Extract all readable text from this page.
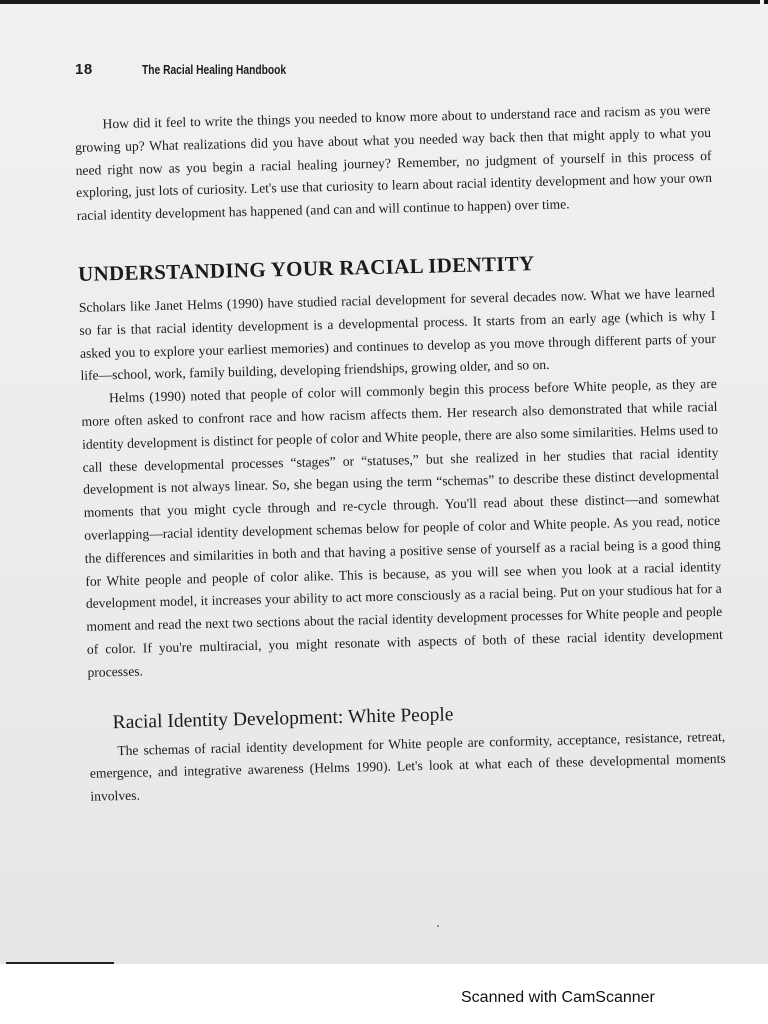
18	The Racial Healing Handbook

How did it feel to write the things you needed to know more about to understand race and racism as you were growing up? What realizations did you have about what you needed way back then that might apply to what you need right now as you begin a racial healing journey? Remember, no judgment of yourself in this process of exploring, just lots of curiosity. Let's use that curiosity to learn about racial identity development and how your own racial identity development has happened (and can and will continue to happen) over time.

UNDERSTANDING YOUR RACIAL IDENTITY

Scholars like Janet Helms (1990) have studied racial development for several decades now. What we have learned so far is that racial identity development is a developmental process. It starts from an early age (which is why I asked you to explore your earliest memories) and continues to develop as you move through different parts of your life—school, work, family building, developing friendships, growing older, and so on.

Helms (1990) noted that people of color will commonly begin this process before White people, as they are more often asked to confront race and how racism affects them. Her research also demonstrated that while racial identity development is distinct for people of color and White people, there are also some similarities. Helms used to call these developmental processes “stages” or “statuses,” but she realized in her studies that racial identity development is not always linear. So, she began using the term “schemas” to describe these distinct developmental moments that you might cycle through and re-cycle through. You'll read about these distinct—and somewhat overlapping—racial identity development schemas below for people of color and White people. As you read, notice the differences and similarities in both and that having a positive sense of yourself as a racial being is a good thing for White people and people of color alike. This is because, as you will see when you look at a racial identity development model, it increases your ability to act more consciously as a racial being. Put on your studious hat for a moment and read the next two sections about the racial identity development processes for White people and people of color. If you're multiracial, you might resonate with aspects of both of these racial identity development processes.

Racial Identity Development: White People

The schemas of racial identity development for White people are conformity, acceptance, resistance, retreat, emergence, and integrative awareness (Helms 1990). Let's look at what each of these developmental moments involves.

Scanned with CamScanner
